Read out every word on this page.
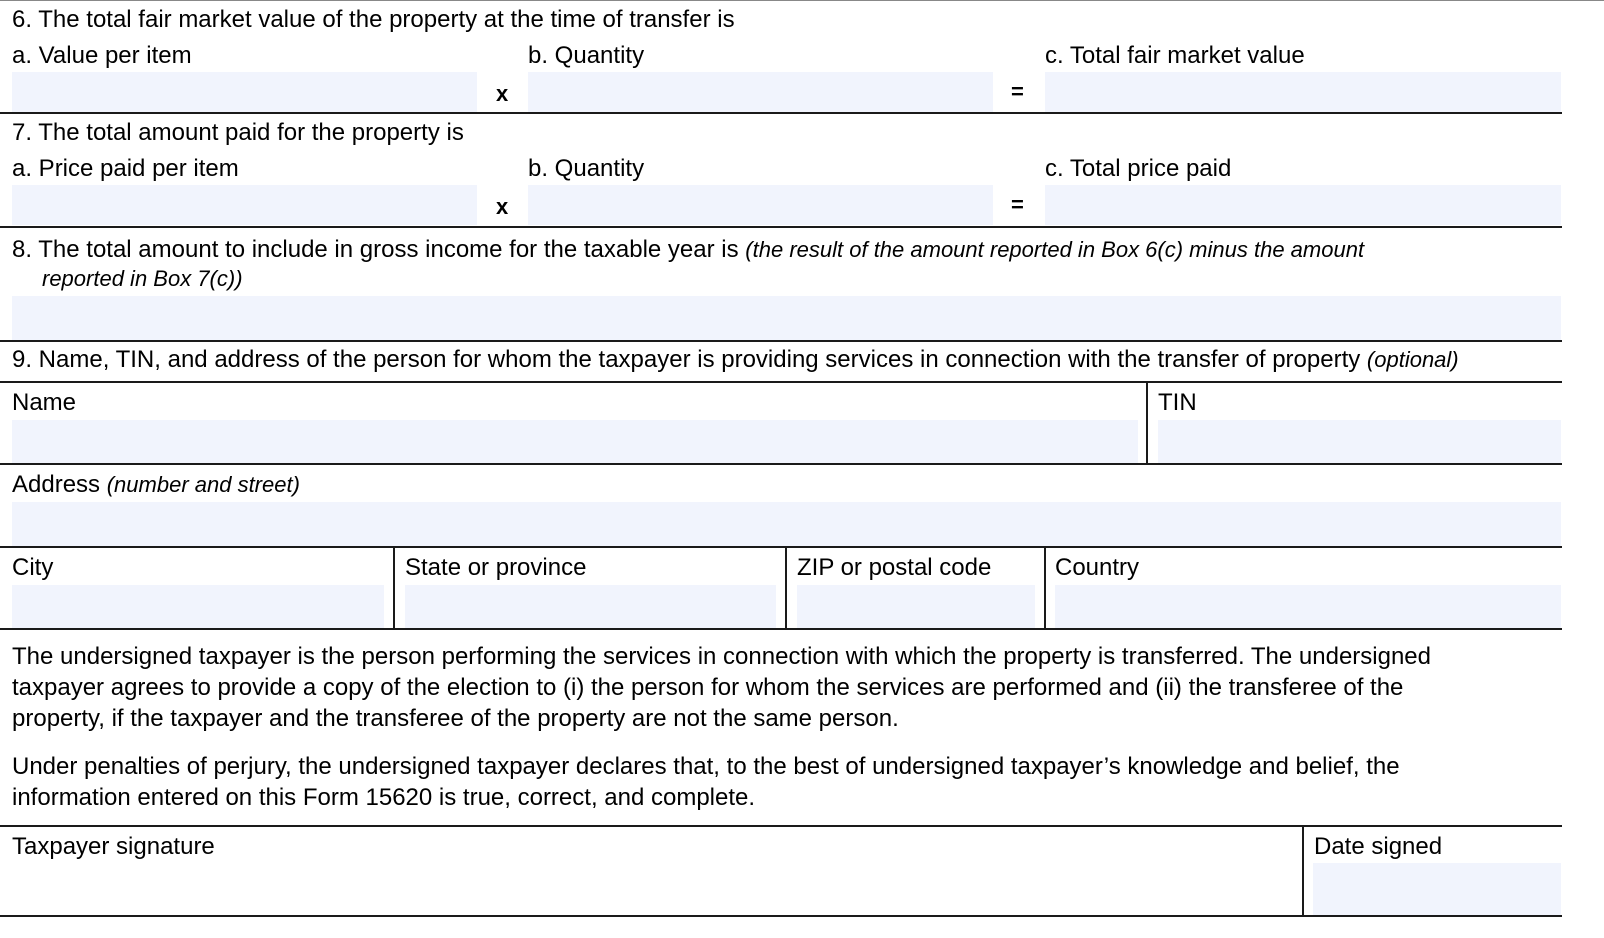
6. The total fair market value of the property at the time of transfer is
a. Value per item	b. Quantity	c. Total fair market value
x	=
7. The total amount paid for the property is
a. Price paid per item	b. Quantity	c. Total price paid
x	=
8. The total amount to include in gross income for the taxable year is (the result of the amount reported in Box 6(c) minus the amount
reported in Box 7(c))
9. Name, TIN, and address of the person for whom the taxpayer is providing services in connection with the transfer of property (optional)
Name	TIN
Address (number and street)
City	State or province	ZIP or postal code	Country
The undersigned taxpayer is the person performing the services in connection with which the property is transferred. The undersigned
taxpayer agrees to provide a copy of the election to (i) the person for whom the services are performed and (ii) the transferee of the
property, if the taxpayer and the transferee of the property are not the same person.
Under penalties of perjury, the undersigned taxpayer declares that, to the best of undersigned taxpayer’s knowledge and belief, the
information entered on this Form 15620 is true, correct, and complete.
Taxpayer signature	Date signed
